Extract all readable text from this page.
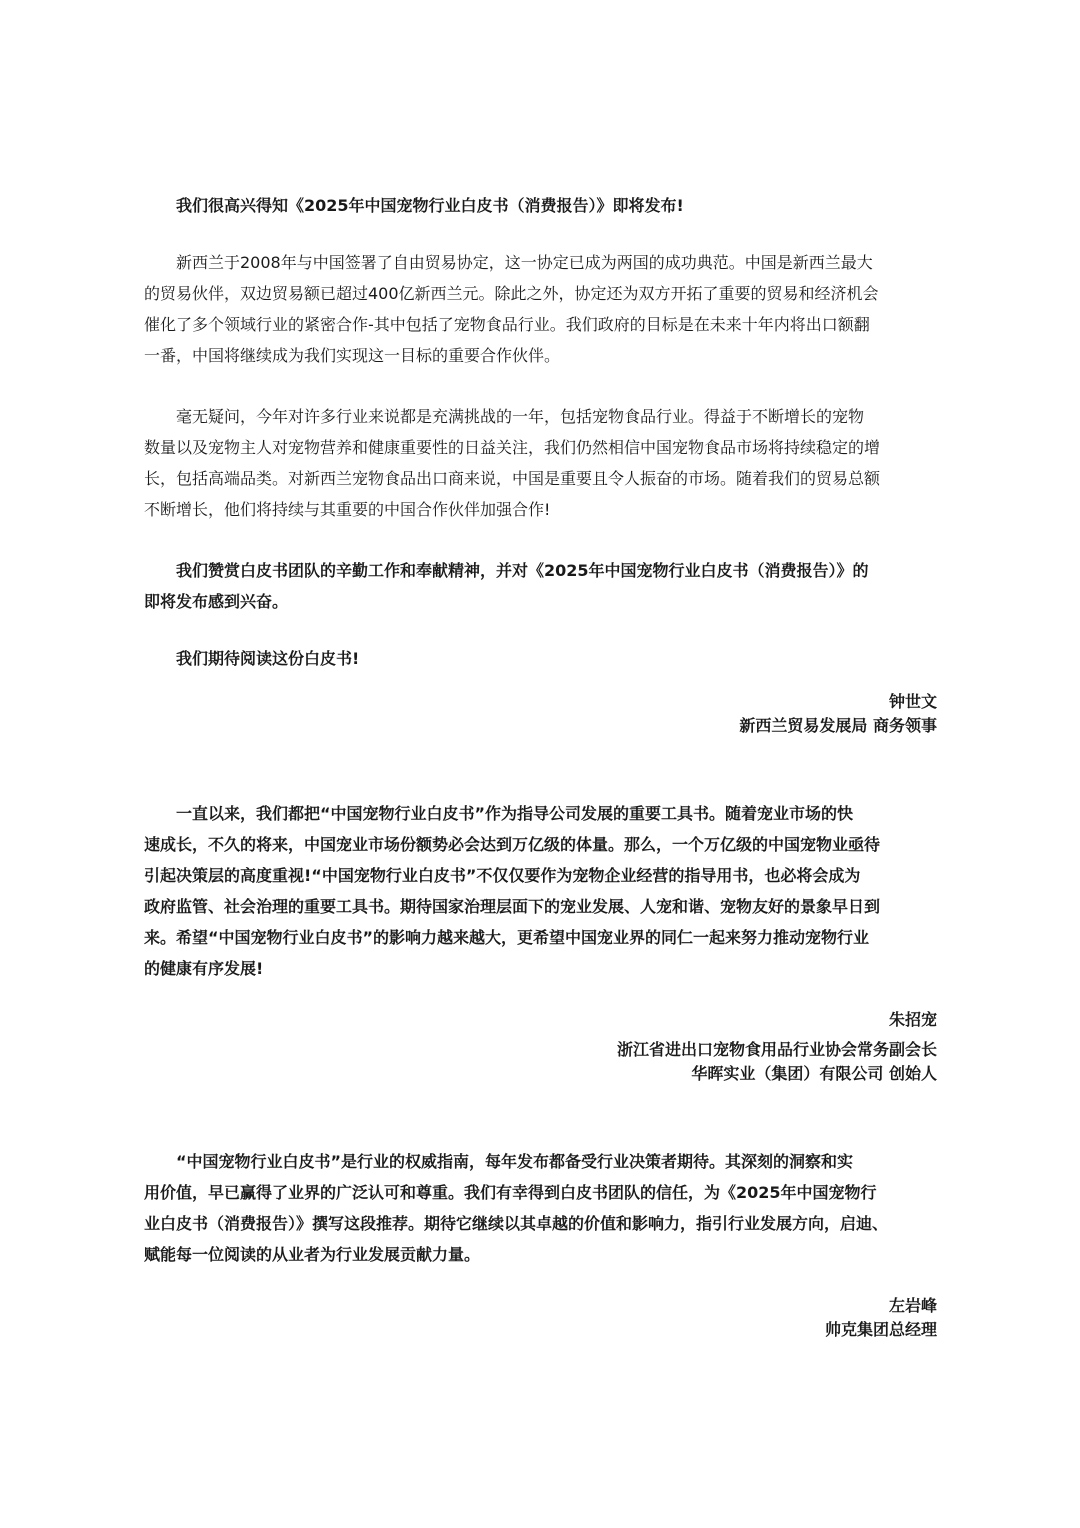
我们很高兴得知《2025年中国宠物行业白皮书（消费报告）》即将发布!

新西兰于2008年与中国签署了自由贸易协定，这一协定已成为两国的成功典范。中国是新西兰最大
的贸易伙伴，双边贸易额已超过400亿新西兰元。除此之外，协定还为双方开拓了重要的贸易和经济机会
催化了多个领域行业的紧密合作-其中包括了宠物食品行业。我们政府的目标是在未来十年内将出口额翻
一番，中国将继续成为我们实现这一目标的重要合作伙伴。

毫无疑问，今年对许多行业来说都是充满挑战的一年，包括宠物食品行业。得益于不断增长的宠物
数量以及宠物主人对宠物营养和健康重要性的日益关注，我们仍然相信中国宠物食品市场将持续稳定的增
长，包括高端品类。对新西兰宠物食品出口商来说，中国是重要且令人振奋的市场。随着我们的贸易总额
不断增长，他们将持续与其重要的中国合作伙伴加强合作!

我们赞赏白皮书团队的辛勤工作和奉献精神，并对《2025年中国宠物行业白皮书（消费报告）》的
即将发布感到兴奋。

我们期待阅读这份白皮书!

钟世文

新西兰贸易发展局 商务领事

一直以来，我们都把“中国宠物行业白皮书”作为指导公司发展的重要工具书。随着宠业市场的快
速成长，不久的将来，中国宠业市场份额势必会达到万亿级的体量。那么，一个万亿级的中国宠物业亟待
引起决策层的高度重视!“中国宠物行业白皮书”不仅仅要作为宠物企业经营的指导用书，也必将会成为
政府监管、社会治理的重要工具书。期待国家治理层面下的宠业发展、人宠和谐、宠物友好的景象早日到
来。希望“中国宠物行业白皮书”的影响力越来越大，更希望中国宠业界的同仁一起来努力推动宠物行业
的健康有序发展!

朱招宠

浙江省进出口宠物食用品行业协会常务副会长

华晖实业（集团）有限公司 创始人

“中国宠物行业白皮书”是行业的权威指南，每年发布都备受行业决策者期待。其深刻的洞察和实
用价值，早已赢得了业界的广泛认可和尊重。我们有幸得到白皮书团队的信任，为《2025年中国宠物行
业白皮书（消费报告）》撰写这段推荐。期待它继续以其卓越的价值和影响力，指引行业发展方向，启迪、
赋能每一位阅读的从业者为行业发展贡献力量。

左岩峰

帅克集团总经理
